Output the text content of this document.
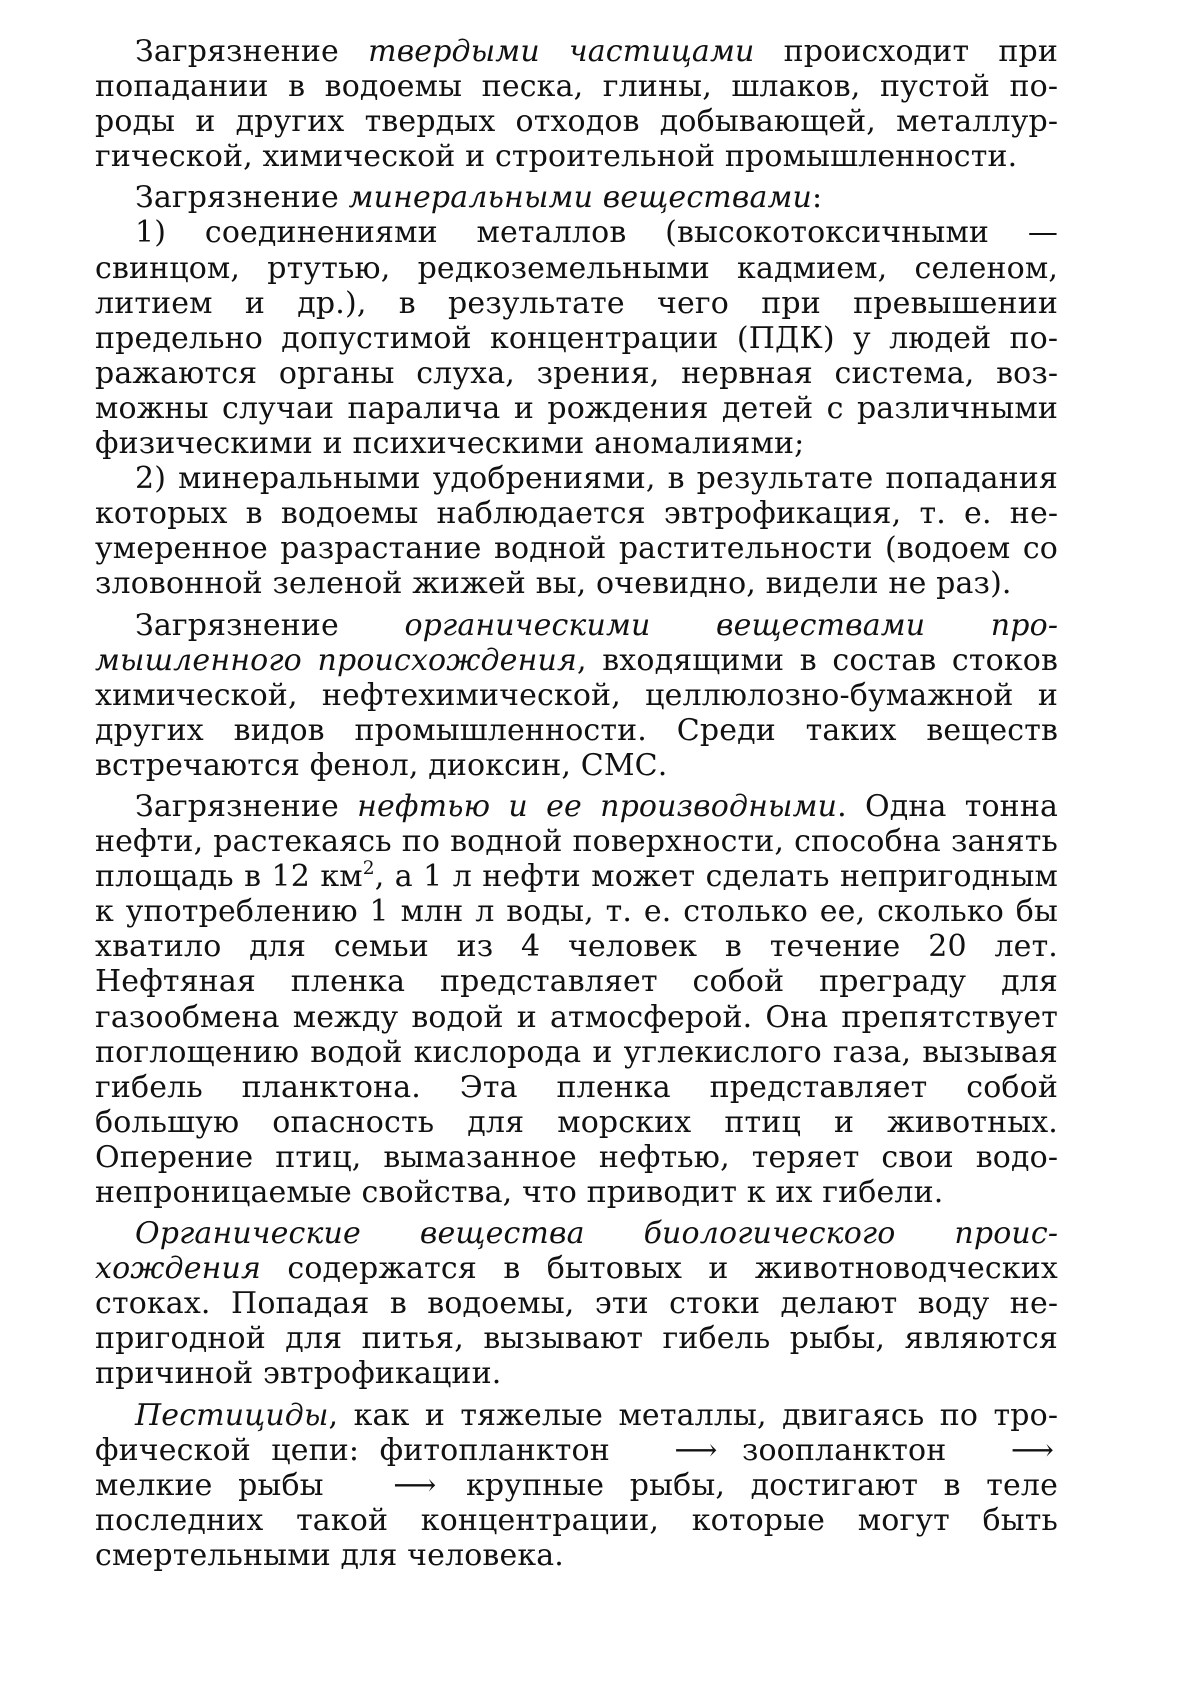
Загрязнение твердыми частицами происходит при попадании в водоемы песка, глины, шлаков, пустой породы и других твердых отходов добывающей, металлургической, химической и строительной промышленности.

Загрязнение минеральными веществами:

1) соединениями металлов (высокотоксичными — свинцом, ртутью, редкоземельными кадмием, селеном, литием и др.), в результате чего при превышении предельно допустимой концентрации (ПДК) у людей поражаются органы слуха, зрения, нервная система, возможны случаи паралича и рождения детей с различными физическими и психическими аномалиями;

2) минеральными удобрениями, в результате попадания которых в водоемы наблюдается эвтрофикация, т. е. неумеренное разрастание водной растительности (водоем со зловонной зеленой жижей вы, очевидно, видели не раз).

Загрязнение органическими веществами промышленного происхождения, входящими в состав стоков химической, нефтехимической, целлюлозно-бумажной и других видов промышленности. Среди таких веществ встречаются фенол, диоксин, СМС.

Загрязнение нефтью и ее производными. Одна тонна нефти, растекаясь по водной поверхности, способна занять площадь в 12 $км^2$, а 1 л нефти может сделать непригодным к употреблению 1 млн л воды, т. е. столько ее, сколько бы хватило для семьи из 4 человек в течение 20 лет. Нефтяная пленка представляет собой преграду для газообмена между водой и атмосферой. Она препятствует поглощению водой кислорода и углекислого газа, вызывая гибель планктона. Эта пленка представляет собой большую опасность для морских птиц и животных. Оперение птиц, вымазанное нефтью, теряет свои водонепроницаемые свойства, что приводит к их гибели.

Органические вещества биологического происхождения содержатся в бытовых и животноводческих стоках. Попадая в водоемы, эти стоки делают воду непригодной для питья, вызывают гибель рыбы, являются причиной эвтрофикации.

Пестициды, как и тяжелые металлы, двигаясь по трофической цепи: фитопланктон ⟶ зоопланктон ⟶ мелкие рыбы ⟶ крупные рыбы, достигают в теле последних такой концентрации, которые могут быть смертельными для человека.
